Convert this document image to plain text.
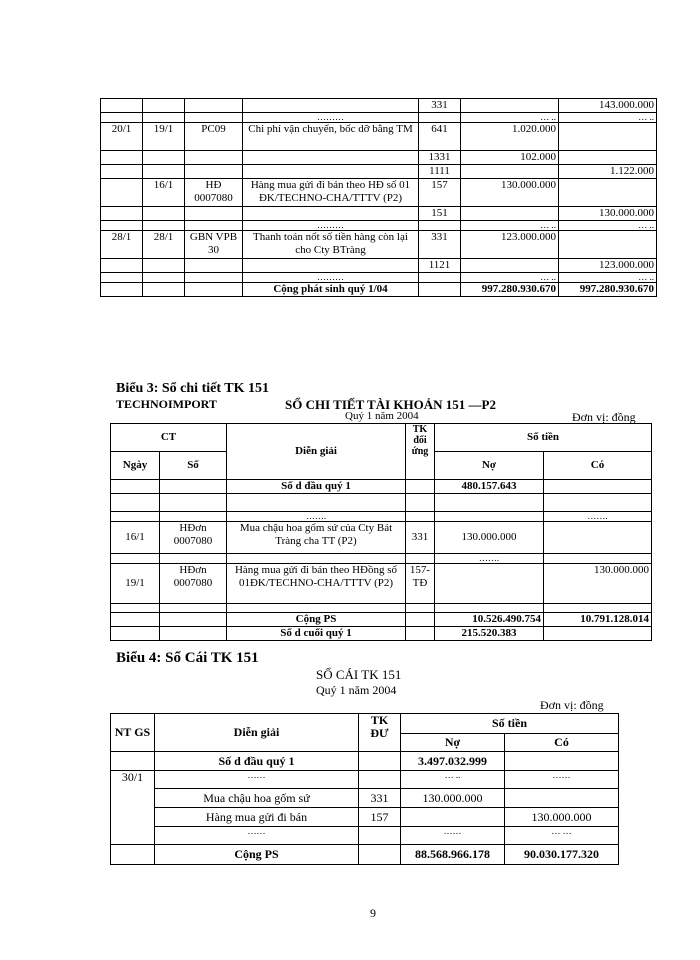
				331		143.000.000
			………		… ..	… ..
20/1	19/1	PC09	Chi phí vận chuyển, bốc dỡ bằng TM	641	1.020.000	
				1331	102.000	
				1111		1.122.000
	16/1	HĐ 0007080	Hàng mua gửi đi bán theo HĐ số 01 ĐK/TECHNO-CHA/TTTV (P2)	157	130.000.000	
				151		130.000.000
			………		… ..	… ..
28/1	28/1	GBN VPB 30	Thanh toán nốt số tiền hàng còn lại cho Cty BTràng	331	123.000.000	
				1121		123.000.000
			………		… ..	… ..
			Cộng phát sinh quý 1/04		997.280.930.670	997.280.930.670
Biểu 3: Sổ chi tiết TK 151
TECHNOIMPORT	SỔ CHI TIẾT TÀI KHOẢN 151 —P2
Quý 1 năm 2004	Đơn vị: đồng
CT		Diễn giải	TK đối ứng	Số tiền	
Ngày	Số			Nợ	Có
		Số d đầu quý 1		480.157.643	

		…….			…….
16/1	HĐơn 0007080	Mua chậu hoa gốm sứ của Cty Bát Tràng cha TT (P2)	331	130.000.000	
				…….	
19/1	HĐơn 0007080	Hàng mua gửi đi bán theo HĐồng số 01ĐK/TECHNO-CHA/TTTV (P2)	157-TĐ		130.000.000

		Cộng PS		10.526.490.754	10.791.128.014
		Số d cuối quý 1		215.520.383	
Biểu 4: Sổ Cái TK 151
SỔ CÁI TK 151
Quý 1 năm 2004
Đơn vị: đồng
NT GS	Diễn giải	TK ĐƯ	Số tiền	
			Nợ	Có
	Số d đầu quý 1		3.497.032.999	
30/1	……		… ..	……
	Mua chậu hoa gốm sứ	331	130.000.000	
	Hàng mua gửi đi bán	157		130.000.000
	……		……	… …
	Cộng PS		88.568.966.178	90.030.177.320
9
